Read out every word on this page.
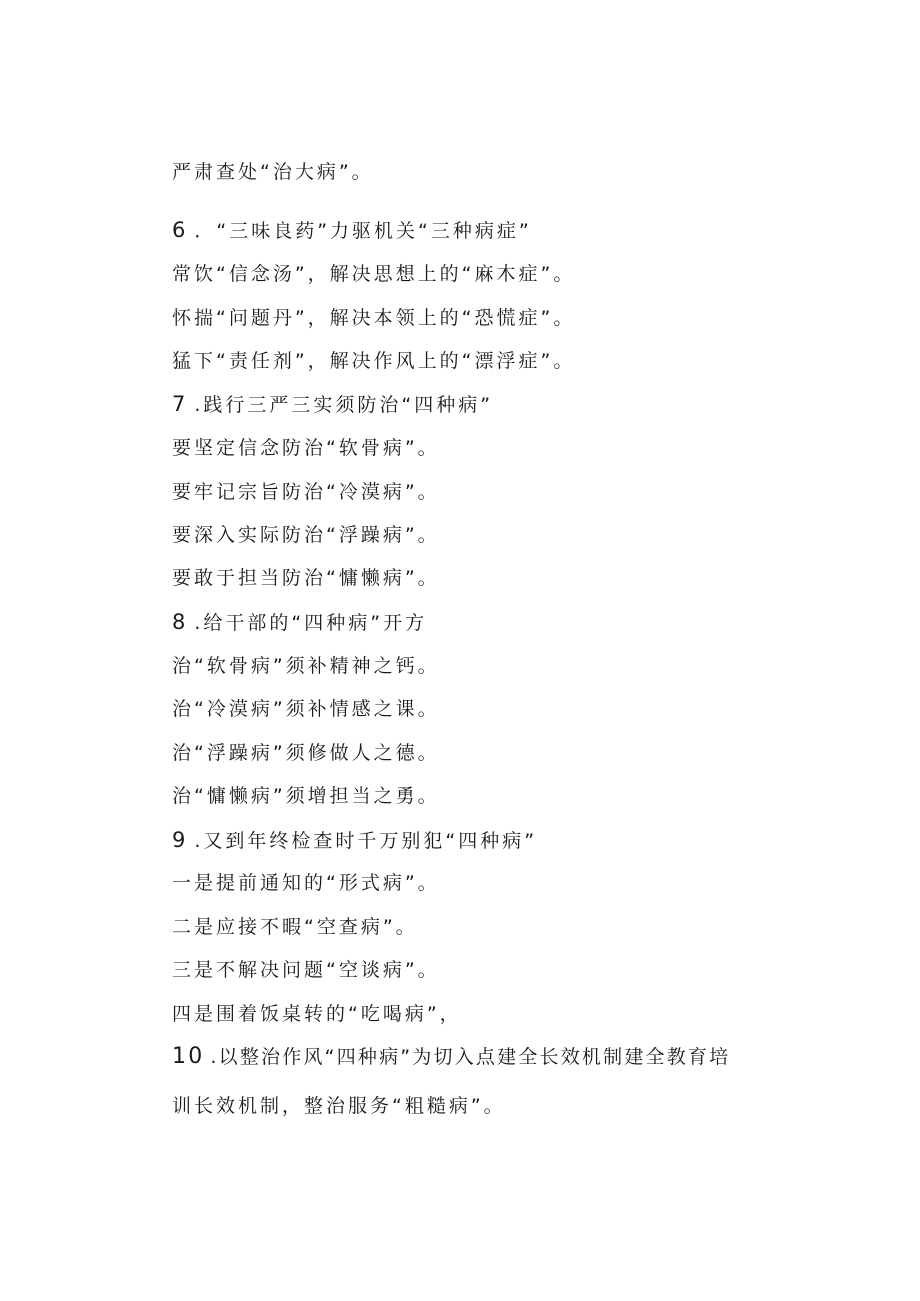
严肃查处“治大病”。
6 ．“三味良药”力驱机关“三种病症”
常饮“信念汤”，解决思想上的“麻木症”。
怀揣“问题丹”，解决本领上的“恐慌症”。
猛下“责任剂”，解决作风上的“漂浮症”。
7 .践行三严三实须防治“四种病”
要坚定信念防治“软骨病”。
要牢记宗旨防治“冷漠病”。
要深入实际防治“浮躁病”。
要敢于担当防治“慵懒病”。
8 .给干部的“四种病”开方
治“软骨病”须补精神之钙。
治“冷漠病”须补情感之课。
治“浮躁病”须修做人之德。
治“慵懒病”须增担当之勇。
9 .又到年终检查时千万别犯“四种病”
一是提前通知的“形式病”。
二是应接不暇“空查病”。
三是不解决问题“空谈病”。
四是围着饭桌转的“吃喝病”，
10 .以整治作风“四种病”为切入点建全长效机制建全教育培
训长效机制，整治服务“粗糙病”。
